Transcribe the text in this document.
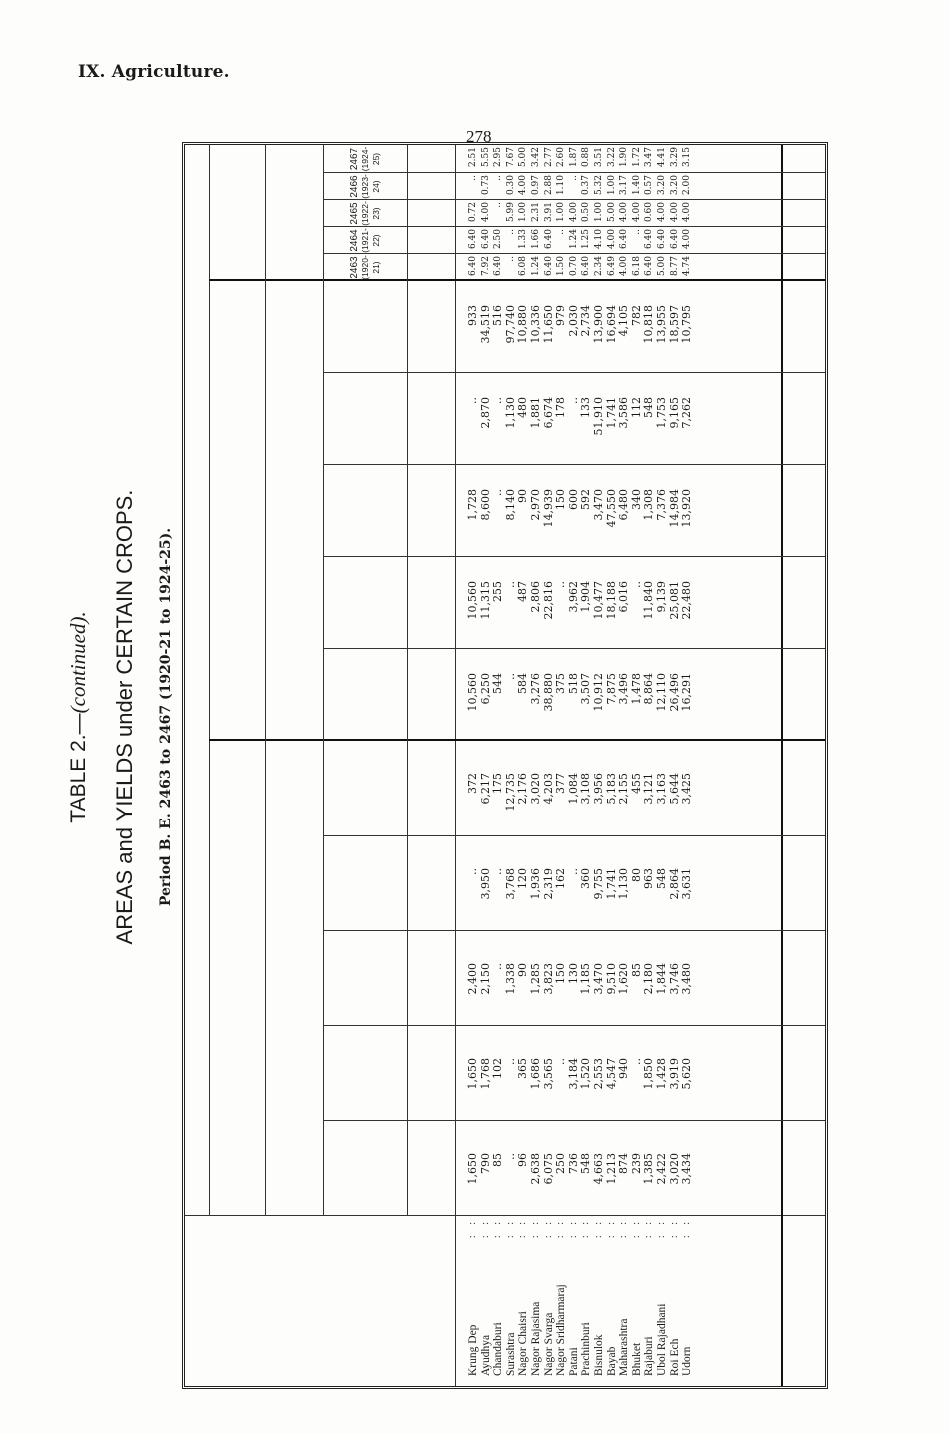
IX. Agriculture.
278
TABLE 2.—(continued). AREAS and YIELDS under CERTAIN CROPS. Period B. E. 2463 to 2467 (1920-21 to 1924-25).
2463 (1920-21)
2464 (1921-22)
2465 (1922-23)
2466 (1923-24)
2467 (1924-25)
Krung Dep
: :
Ayudhya
: :
Chandaburi
: :
Surashtra
: :
Nagor Chaisri
: :
Nagor Rajasima
: :
Nagor Svarga
: :
Nagor Sridharmaraj
: :
Patani
: :
Prachinburi
: :
Bisnulok
: :
Bayab
: :
Maharashtra
: :
Bhuket
: :
Rajaburi
: :
Ubol Rajadhani
: :
Roi Ech
: :
Udorn
: :
1,650 790 85 .. 96 2,638 6,075 250 736 548 4,663 1,213 874 239 1,385 2,422 3,020 3,434
10,560 6,250 544 .. 584 3,276 38,880 375 518 3,507 10,912 7,875 3,496 1,478 8,864 12,110 26,496 16,291
6.40 7.92 6.40 .. 6.08 1.24 6.40 1.50 0.70 6.40 2.34 6.49 4.00 6.18 6.40 5.00 8.77 4.74
1,650 1,768 102 .. 365 1,686 3,565 .. 3,184 1,520 2,553 4,547 940 .. 1,850 1,428 3,919 5,620
10,560 11,315 255 .. 487 2,806 22,816 .. 3,962 1,904 10,477 18,188 6,016 .. 11,840 9,139 25,081 22,480
6.40 6.40 2.50 .. 1.33 1.66 6.40 .. 1.24 1.25 4.10 4.00 6.40 .. 6.40 6.40 6.40 4.00
2,400 2,150 .. 1,338 90 1,285 3,823 150 130 1,185 3,470 9,510 1,620 85 2,180 1,844 3,746 3,480
1,728 8,600 .. 8,140 90 2,970 14,939 150 600 592 3,470 47,550 6,480 340 1,308 7,376 14,984 13,920
0.72 4.00 .. 5.99 1.00 2.31 3.91 1.00 4.00 0.50 1.00 5.00 4.00 4.00 0.60 4.00 4.00 4.00
.. 3,950 .. 3,768 120 1,936 2,319 162 .. 360 9,755 1,741 1,130 80 963 548 2,864 3,631
.. 2,870 .. 1,130 480 1,881 6,674 178 .. 133 51,910 1,741 3,586 112 548 1,753 9,165 7,262
.. 0.73 .. 0.30 4.00 0.97 2.88 1.10 .. 0.37 5.32 1.00 3.17 1.40 0.57 3.20 3.20 2.00
372 6,217 175 12,735 2,176 3,020 4,203 377 1,084 3,108 3,956 5,183 2,155 455 3,121 3,163 5,644 3,425
933 34,519 516 97,740 10,880 10,336 11,650 979 2,030 2,734 13,900 16,694 4,105 782 10,818 13,955 18,597 10,795
2.51 5.55 2.95 7.67 5.00 3.42 2.77 2.60 1.87 0.88 3.51 3.22 1.90 1.72 3.47 4.41 3.29 3.15
